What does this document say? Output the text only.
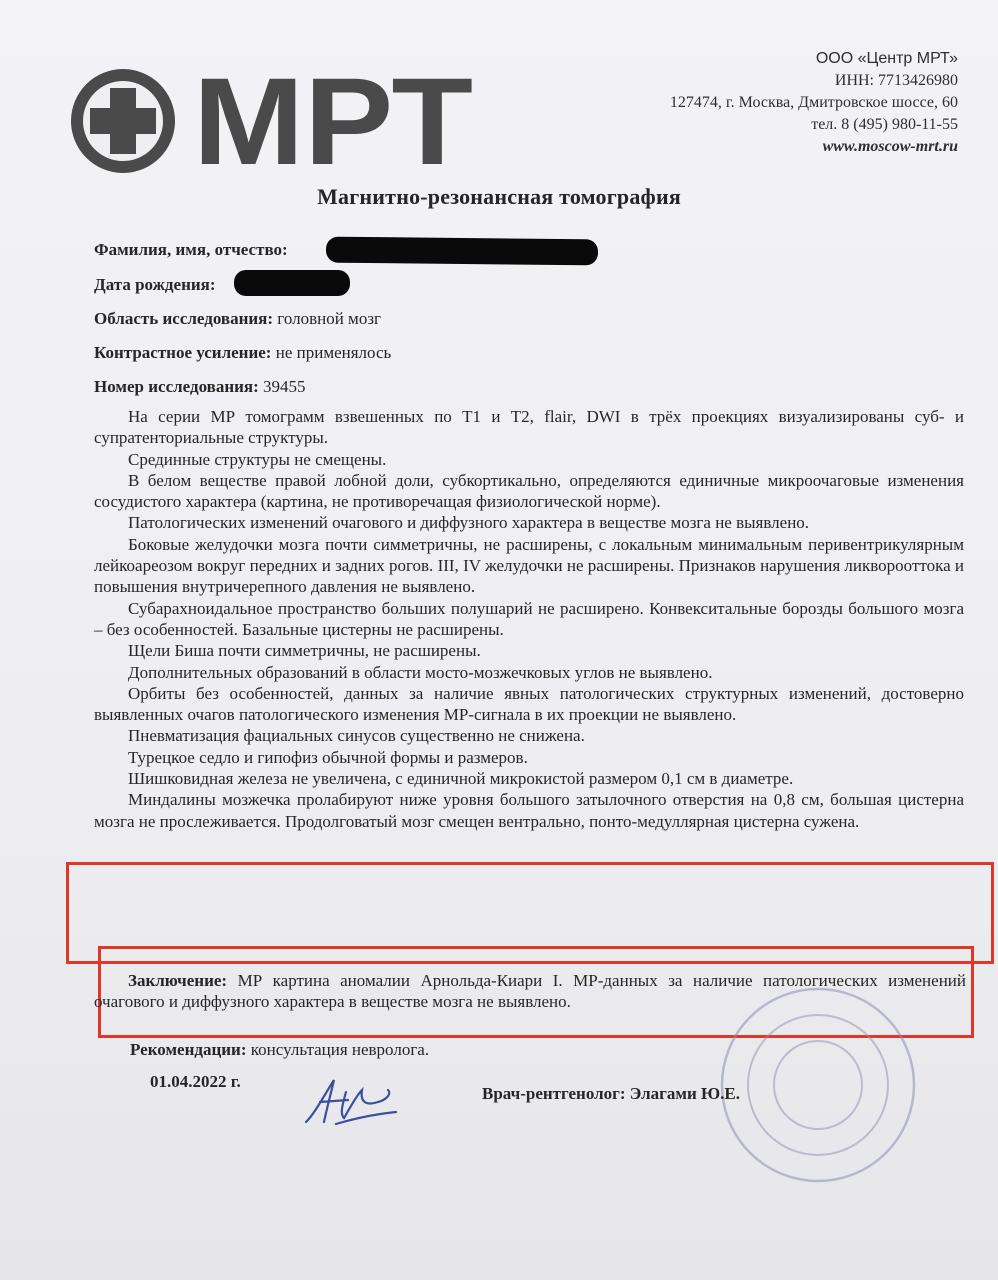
МРТ	ООО «Центр МРТ»
ИНН: 7713426980
127474, г. Москва, Дмитровское шоссе, 60
тел. 8 (495) 980-11-55
www.moscow-mrt.ru
Магнитно-резонансная томография
Фамилия, имя, отчество:
Дата рождения:
Область исследования: головной мозг
Контрастное усиление: не применялось
Номер исследования: 39455

На серии МР томограмм взвешенных по Т1 и Т2, flair, DWI в трёх проекциях визуализированы суб- и супратенториальные структуры.

Срединные структуры не смещены.

В белом веществе правой лобной доли, субкортикально, определяются единичные микроочаговые изменения сосудистого характера (картина, не противоречащая физиологической норме).

Патологических изменений очагового и диффузного характера в веществе мозга не выявлено.

Боковые желудочки мозга почти симметричны, не расширены, с локальным минимальным перивентрикулярным лейкоареозом вокруг передних и задних рогов. III, IV желудочки не расширены. Признаков нарушения ликворооттока и повышения внутричерепного давления не выявлено.

Субарахноидальное пространство больших полушарий не расширено. Конвекситальные борозды большого мозга – без особенностей. Базальные цистерны не расширены.

Щели Биша почти симметричны, не расширены.

Дополнительных образований в области мосто-мозжечковых углов не выявлено.

Орбиты без особенностей, данных за наличие явных патологических структурных изменений, достоверно выявленных очагов патологического изменения МР-сигнала в их проекции не выявлено.

Пневматизация фациальных синусов существенно не снижена.

Турецкое седло и гипофиз обычной формы и размеров.

Шишковидная железа не увеличена, с единичной микрокистой размером 0,1 см в диаметре.

Миндалины мозжечка пролабируют ниже уровня большого затылочного отверстия на 0,8 см, большая цистерна мозга не прослеживается. Продолговатый мозг смещен вентрально, понто-медуллярная цистерна сужена.

Заключение: МР картина аномалии Арнольда-Киари I. МР-данных за наличие патологических изменений очагового и диффузного характера в веществе мозга не выявлено.

Рекомендации: консультация невролога.
01.04.2022 г.
Врач-рентгенолог: Элагами Ю.Е.
